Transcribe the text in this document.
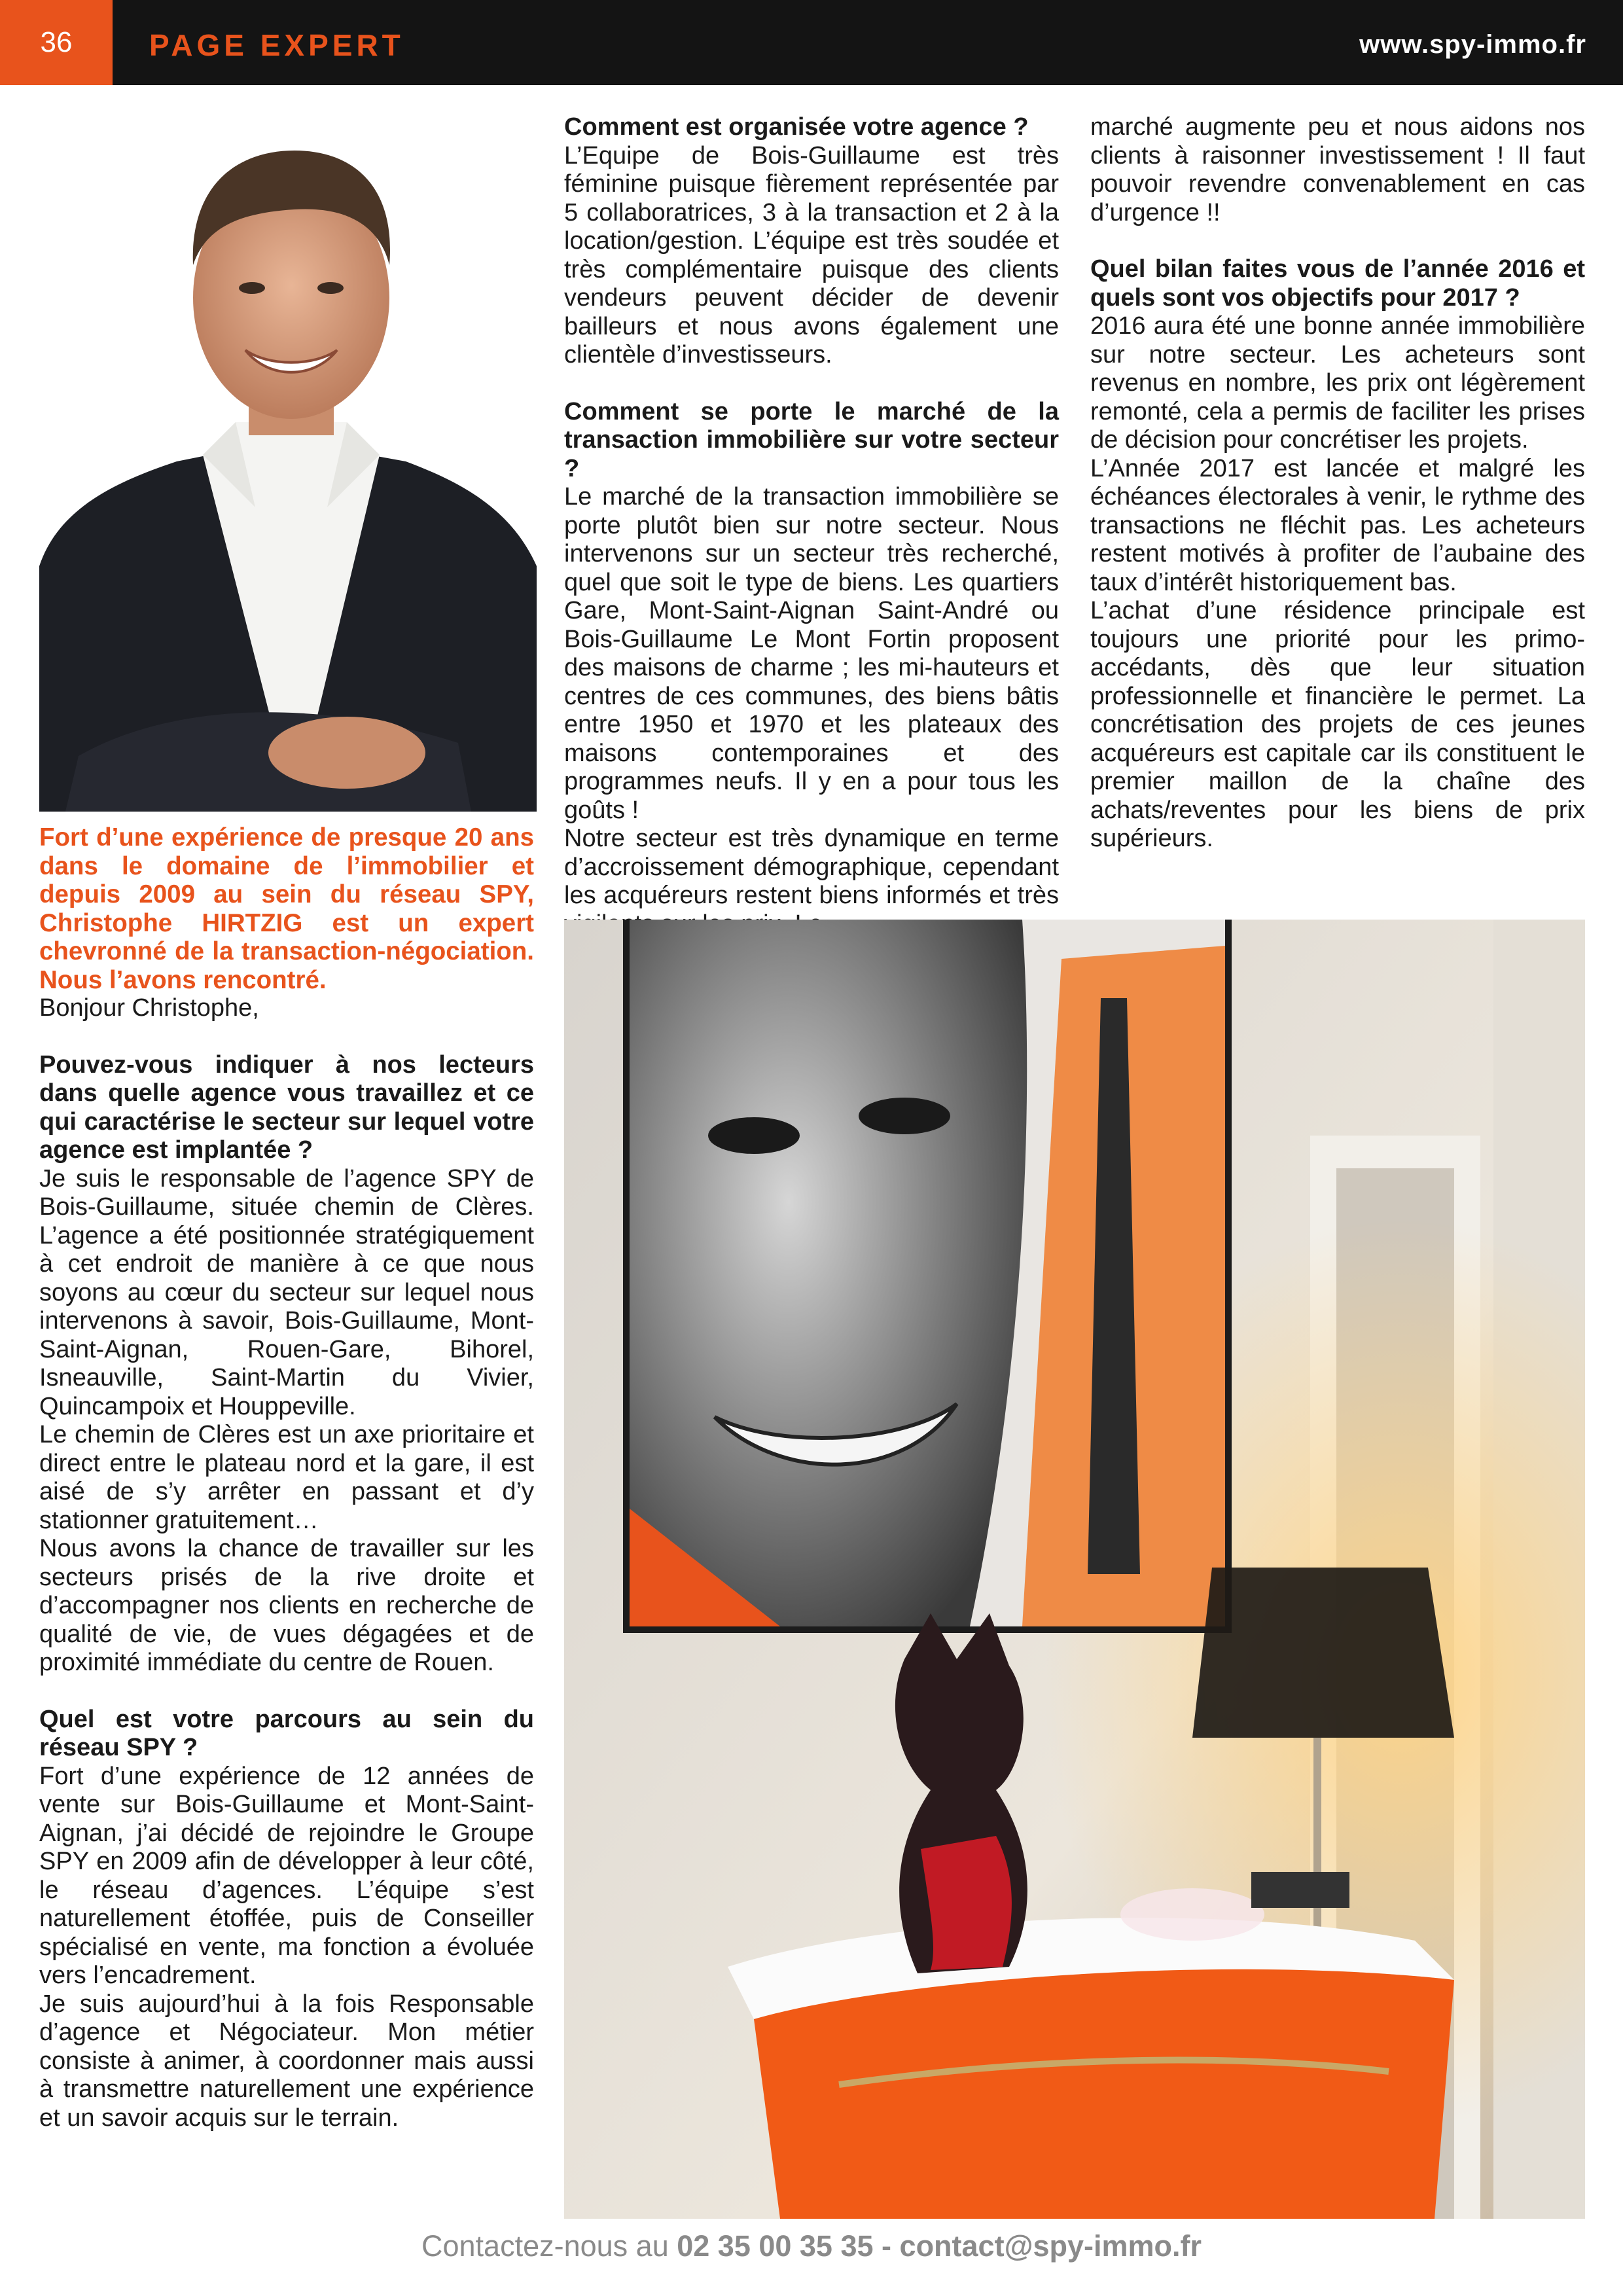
36	PAGE EXPERT	www.spy-immo.fr

Fort d’une expérience de presque 20 ans dans le domaine de l’immobilier et depuis 2009 au sein du réseau SPY, Christophe HIRTZIG est un expert chevronné de la transaction-négociation. Nous l’avons rencontré.

Bonjour Christophe,

Pouvez-vous indiquer à nos lecteurs dans quelle agence vous travaillez et ce qui caractérise le secteur sur lequel votre agence est implantée ?

Je suis le responsable de l’agence SPY de Bois-Guillaume, située chemin de Clères. L’agence a été positionnée stratégiquement à cet endroit de manière à ce que nous soyons au cœur du secteur sur lequel nous intervenons à savoir, Bois-Guillaume, Mont-Saint-Aignan, Rouen-Gare, Bihorel, Isneauville, Saint-Martin du Vivier, Quincampoix et Houppeville.

Le chemin de Clères est un axe prioritaire et direct entre le plateau nord et la gare, il est aisé de s’y arrêter en passant et d’y stationner gratuitement…

Nous avons la chance de travailler sur les secteurs prisés de la rive droite et d’accompagner nos clients en recherche de qualité de vie, de vues dégagées et de proximité immédiate du centre de Rouen.

Quel est votre parcours au sein du réseau SPY ?

Fort d’une expérience de 12 années de vente sur Bois-Guillaume et Mont-Saint-Aignan, j’ai décidé de rejoindre le Groupe SPY en 2009 afin de développer à leur côté, le réseau d’agences. L’équipe s’est naturellement étoffée, puis de Conseiller spécialisé en vente, ma fonction a évoluée vers l’encadrement.

Je suis aujourd’hui à la fois Responsable d’agence et Négociateur. Mon métier consiste à animer, à coordonner mais aussi à transmettre naturellement une expérience et un savoir acquis sur le terrain.

Comment est organisée votre agence ?

L’Equipe de Bois-Guillaume est très féminine puisque fièrement représentée par 5 collaboratrices, 3 à la transaction et 2 à la location/gestion. L’équipe est très soudée et très complémentaire puisque des clients vendeurs peuvent décider de devenir bailleurs et nous avons également une clientèle d’investisseurs.

Comment se porte le marché de la transaction immobilière sur votre secteur ?

Le marché de la transaction immobilière se porte plutôt bien sur notre secteur. Nous intervenons sur un secteur très recherché, quel que soit le type de biens. Les quartiers Gare, Mont-Saint-Aignan Saint-André ou Bois-Guillaume Le Mont Fortin proposent des maisons de charme ; les mi-hauteurs et centres de ces communes, des biens bâtis entre 1950 et 1970 et les plateaux des maisons contemporaines et des programmes neufs. Il y en a pour tous les goûts !

Notre secteur est très dynamique en terme d’accroissement démographique, cependant les acquéreurs restent biens informés et très

marché augmente peu et nous aidons nos clients à raisonner investissement ! Il faut pouvoir revendre convenablement en cas d’urgence !!

Quel bilan faites vous de l’année 2016 et quels sont vos objectifs pour 2017 ?

2016 aura été une bonne année immobilière sur notre secteur. Les acheteurs sont revenus en nombre, les prix ont légèrement remonté, cela a permis de faciliter les prises de décision pour concrétiser les projets.

L’Année 2017 est lancée et malgré les échéances électorales à venir, le rythme des transactions ne fléchit pas. Les acheteurs restent motivés à profiter de l’aubaine des taux d’intérêt historiquement bas.

L’achat d’une résidence principale est toujours une priorité pour les primo-accédants, dès que leur situation professionnelle et financière le permet. La concrétisation des projets de ces jeunes acquéreurs est capitale car ils constituent le premier maillon de la chaîne des achats/reventes pour les biens de prix supérieurs.

Contactez-nous au 02 35 00 35 35 - contact@spy-immo.fr
